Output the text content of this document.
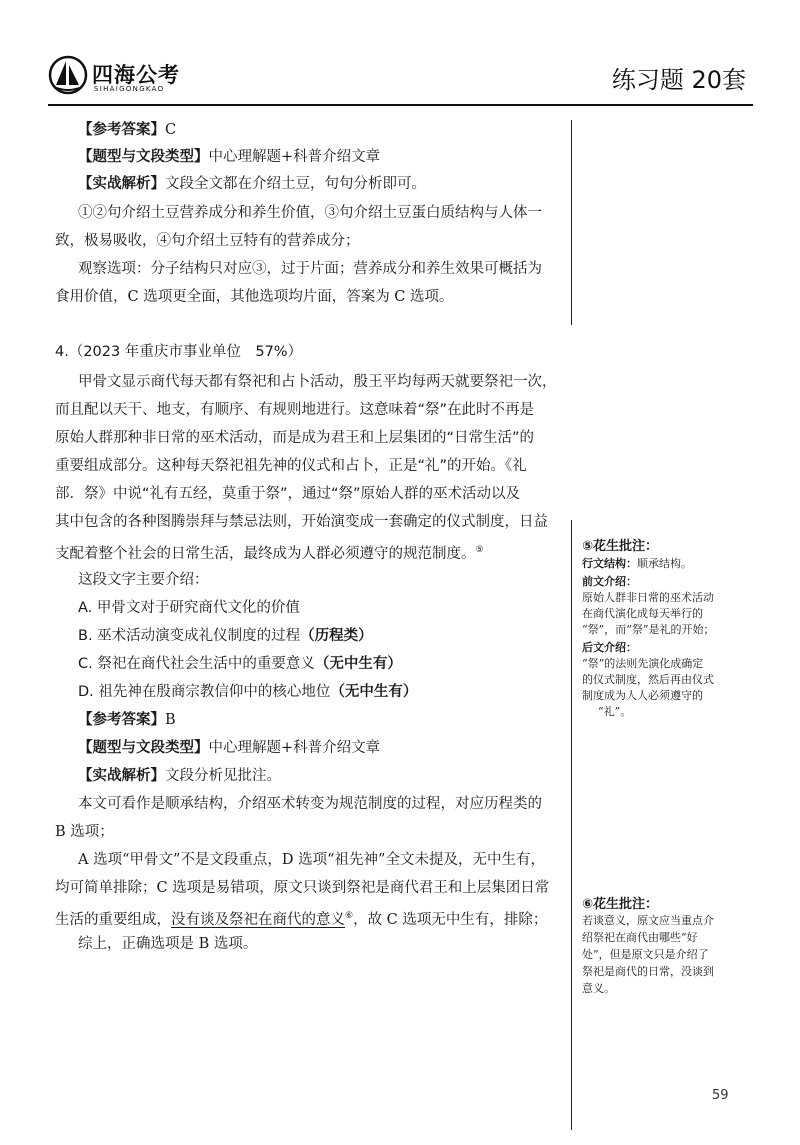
四海公考
SIHAIGONGKAO	练习题 20套
【参考答案】C
【题型与文段类型】中心理解题+科普介绍文章
【实战解析】文段全文都在介绍土豆，句句分析即可。
①②句介绍土豆营养成分和养生价值，③句介绍土豆蛋白质结构与人体一
致，极易吸收，④句介绍土豆特有的营养成分；
观察选项：分子结构只对应③，过于片面；营养成分和养生效果可概括为
食用价值，C 选项更全面，其他选项均片面，答案为 C 选项。
4.（2023 年重庆市事业单位　57%）
甲骨文显示商代每天都有祭祀和占卜活动，殷王平均每两天就要祭祀一次，
而且配以天干、地支，有顺序、有规则地进行。这意味着“祭”在此时不再是
原始人群那种非日常的巫术活动，而是成为君王和上层集团的“日常生活”的
重要组成部分。这种每天祭祀祖先神的仪式和占卜，正是“礼”的开始。《礼
部．祭》中说“礼有五经，莫重于祭”，通过“祭”原始人群的巫术活动以及
其中包含的各种图腾崇拜与禁忌法则，开始演变成一套确定的仪式制度，日益
支配着整个社会的日常生活，最终成为人群必须遵守的规范制度。⑤
这段文字主要介绍：
A. 甲骨文对于研究商代文化的价值
B. 巫术活动演变成礼仪制度的过程（历程类）
C. 祭祀在商代社会生活中的重要意义（无中生有）
D. 祖先神在殷商宗教信仰中的核心地位（无中生有）
【参考答案】B
【题型与文段类型】中心理解题+科普介绍文章
【实战解析】文段分析见批注。
本文可看作是顺承结构，介绍巫术转变为规范制度的过程，对应历程类的
B 选项；
A 选项“甲骨文”不是文段重点，D 选项“祖先神”全文未提及，无中生有，
均可简单排除；C 选项是易错项，原文只谈到祭祀是商代君王和上层集团日常
生活的重要组成，没有谈及祭祀在商代的意义⑥，故 C 选项无中生有，排除；
综上，正确选项是 B 选项。
⑤花生批注：
行文结构：顺承结构。
前文介绍：
原始人群非日常的巫术活动
在商代演化成每天举行的
“祭”，而“祭”是礼的开始；
后文介绍：
“祭”的法则先演化成确定
的仪式制度，然后再由仪式
制度成为人人必须遵守的
“礼”。
⑥花生批注：
若谈意义，原文应当重点介
绍祭祀在商代由哪些“好
处”，但是原文只是介绍了
祭祀是商代的日常，没谈到
意义。
59
